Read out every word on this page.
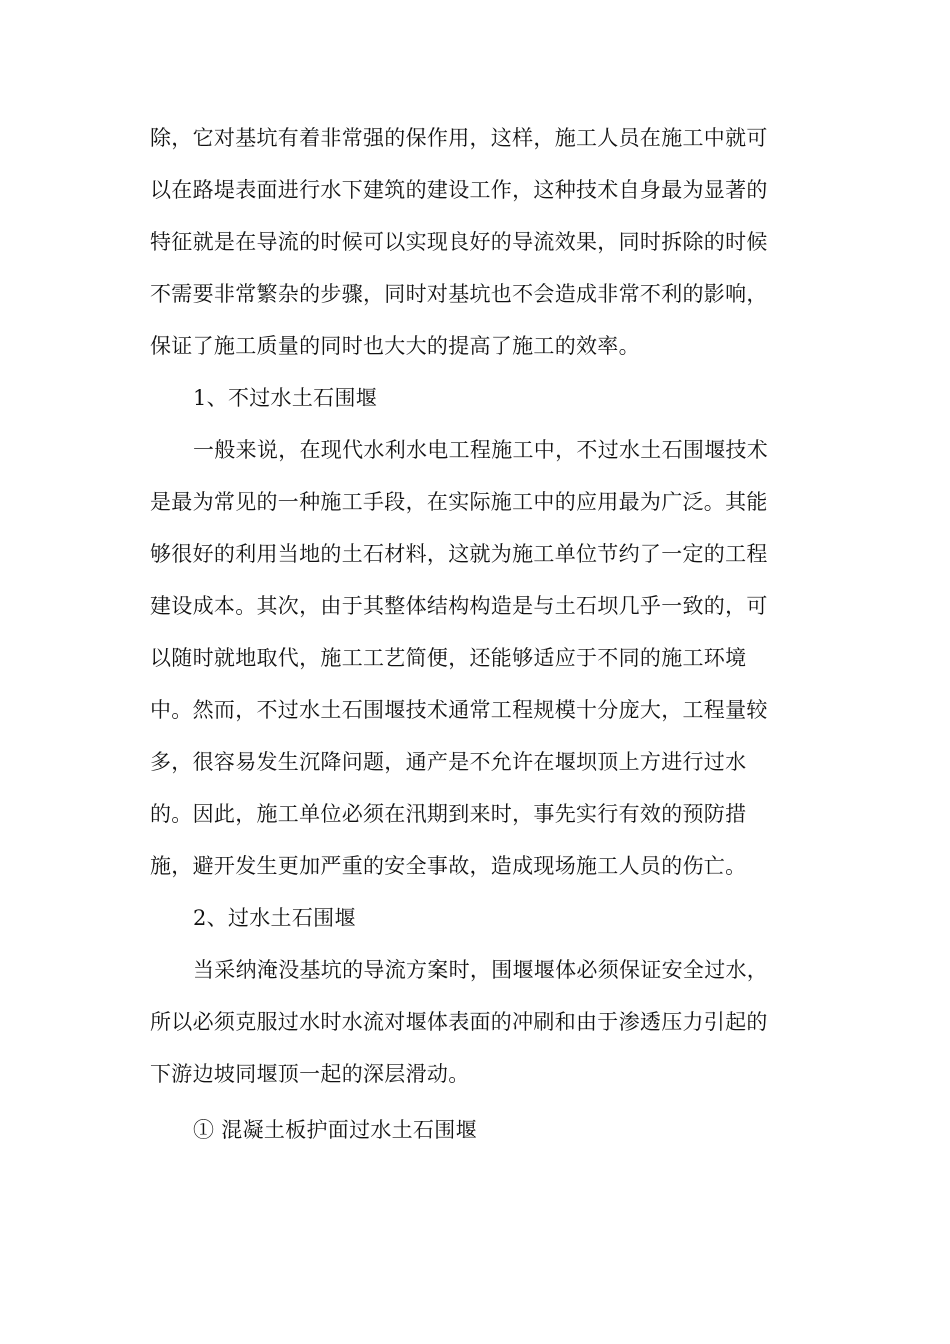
除，它对基坑有着非常强的保作用，这样，施工人员在施工中就可
以在路堤表面进行水下建筑的建设工作，这种技术自身最为显著的
特征就是在导流的时候可以实现良好的导流效果，同时拆除的时候
不需要非常繁杂的步骤，同时对基坑也不会造成非常不利的影响，
保证了施工质量的同时也大大的提高了施工的效率。
1、不过水土石围堰
一般来说，在现代水利水电工程施工中，不过水土石围堰技术
是最为常见的一种施工手段，在实际施工中的应用最为广泛。其能
够很好的利用当地的土石材料，这就为施工单位节约了一定的工程
建设成本。其次，由于其整体结构构造是与土石坝几乎一致的，可
以随时就地取代，施工工艺简便，还能够适应于不同的施工环境
中。然而，不过水土石围堰技术通常工程规模十分庞大，工程量较
多，很容易发生沉降问题，通产是不允许在堰坝顶上方进行过水
的。因此，施工单位必须在汛期到来时，事先实行有效的预防措
施，避开发生更加严重的安全事故，造成现场施工人员的伤亡。
2、过水土石围堰
当采纳淹没基坑的导流方案时，围堰堰体必须保证安全过水，
所以必须克服过水时水流对堰体表面的冲刷和由于渗透压力引起的
下游边坡同堰顶一起的深层滑动。
① 混凝土板护面过水土石围堰
